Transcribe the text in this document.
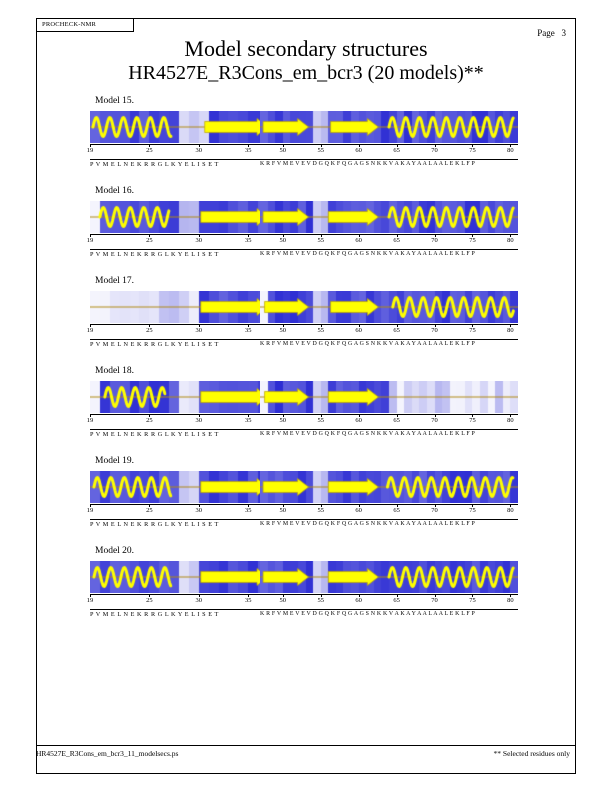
PROCHECK-NMR
Page 3
Model secondary structures
HR4527E_R3Cons_em_bcr3 (20 models)**
Model 15.
19	25	30	35
P V M E L N E K R R G L K Y E L I S E T
50	55	60	65	70	75	80
K R F V M E V E V D G Q K F Q G A G S N K K V A K A Y A A L A A L E K L F P
Model 16.
19	25	30	35
P V M E L N E K R R G L K Y E L I S E T
50	55	60	65	70	75	80
K R F V M E V E V D G Q K F Q G A G S N K K V A K A Y A A L A A L E K L F P
Model 17.
19	25	30	35
P V M E L N E K R R G L K Y E L I S E T
50	55	60	65	70	75	80
K R F V M E V E V D G Q K F Q G A G S N K K V A K A Y A A L A A L E K L F P
Model 18.
19	25	30	35
P V M E L N E K R R G L K Y E L I S E T
50	55	60	65	70	75	80
K R F V M E V E V D G Q K F Q G A G S N K K V A K A Y A A L A A L E K L F P
Model 19.
19	25	30	35
P V M E L N E K R R G L K Y E L I S E T
50	55	60	65	70	75	80
K R F V M E V E V D G Q K F Q G A G S N K K V A K A Y A A L A A L E K L F P
Model 20.
19	25	30	35
P V M E L N E K R R G L K Y E L I S E T
50	55	60	65	70	75	80
K R F V M E V E V D G Q K F Q G A G S N K K V A K A Y A A L A A L E K L F P
HR4527E_R3Cons_em_bcr3_11_modelsecs.ps	** Selected residues only
